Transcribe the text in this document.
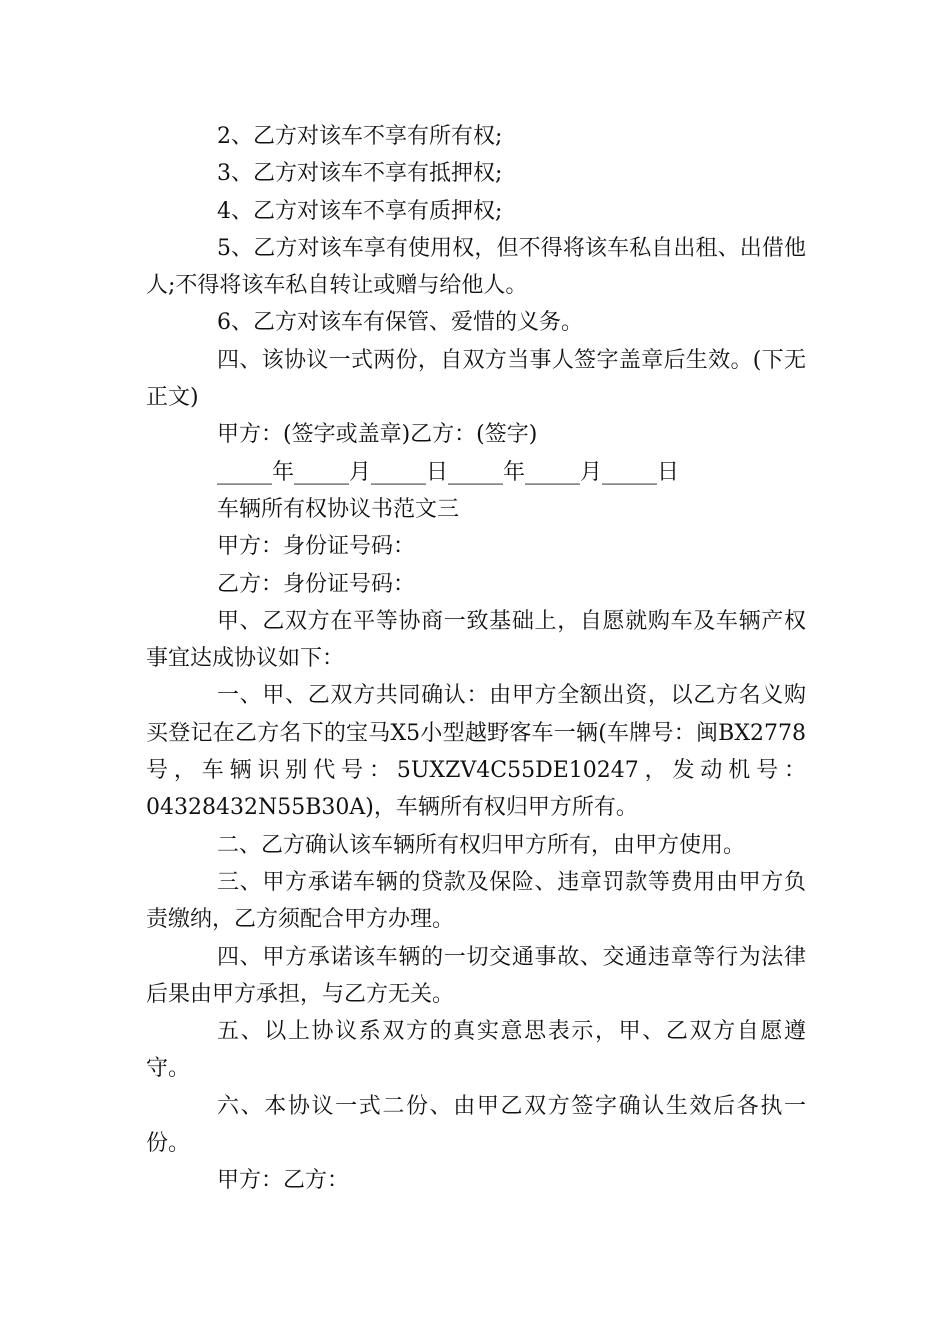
2、乙方对该车不享有所有权;

3、乙方对该车不享有抵押权;

4、乙方对该车不享有质押权;

5、乙方对该车享有使用权，但不得将该车私自出租、出借他人;不得将该车私自转让或赠与给他人。

6、乙方对该车有保管、爱惜的义务。

四、该协议一式两份，自双方当事人签字盖章后生效。(下无正文)

甲方：(签字或盖章)乙方：(签字)

_____年_____月_____日_____年_____月_____日

车辆所有权协议书范文三

甲方：身份证号码：

乙方：身份证号码：

甲、乙双方在平等协商一致基础上，自愿就购车及车辆产权事宜达成协议如下：

一、甲、乙双方共同确认：由甲方全额出资，以乙方名义购买登记在乙方名下的宝马X5小型越野客车一辆(车牌号：闽BX2778号，车辆识别代号：5UXZV4C55DE10247，发动机号：04328432N55B30A)，车辆所有权归甲方所有。

二、乙方确认该车辆所有权归甲方所有，由甲方使用。

三、甲方承诺车辆的贷款及保险、违章罚款等费用由甲方负责缴纳，乙方须配合甲方办理。

四、甲方承诺该车辆的一切交通事故、交通违章等行为法律后果由甲方承担，与乙方无关。

五、以上协议系双方的真实意思表示，甲、乙双方自愿遵守。

六、本协议一式二份、由甲乙双方签字确认生效后各执一份。

甲方：乙方：
